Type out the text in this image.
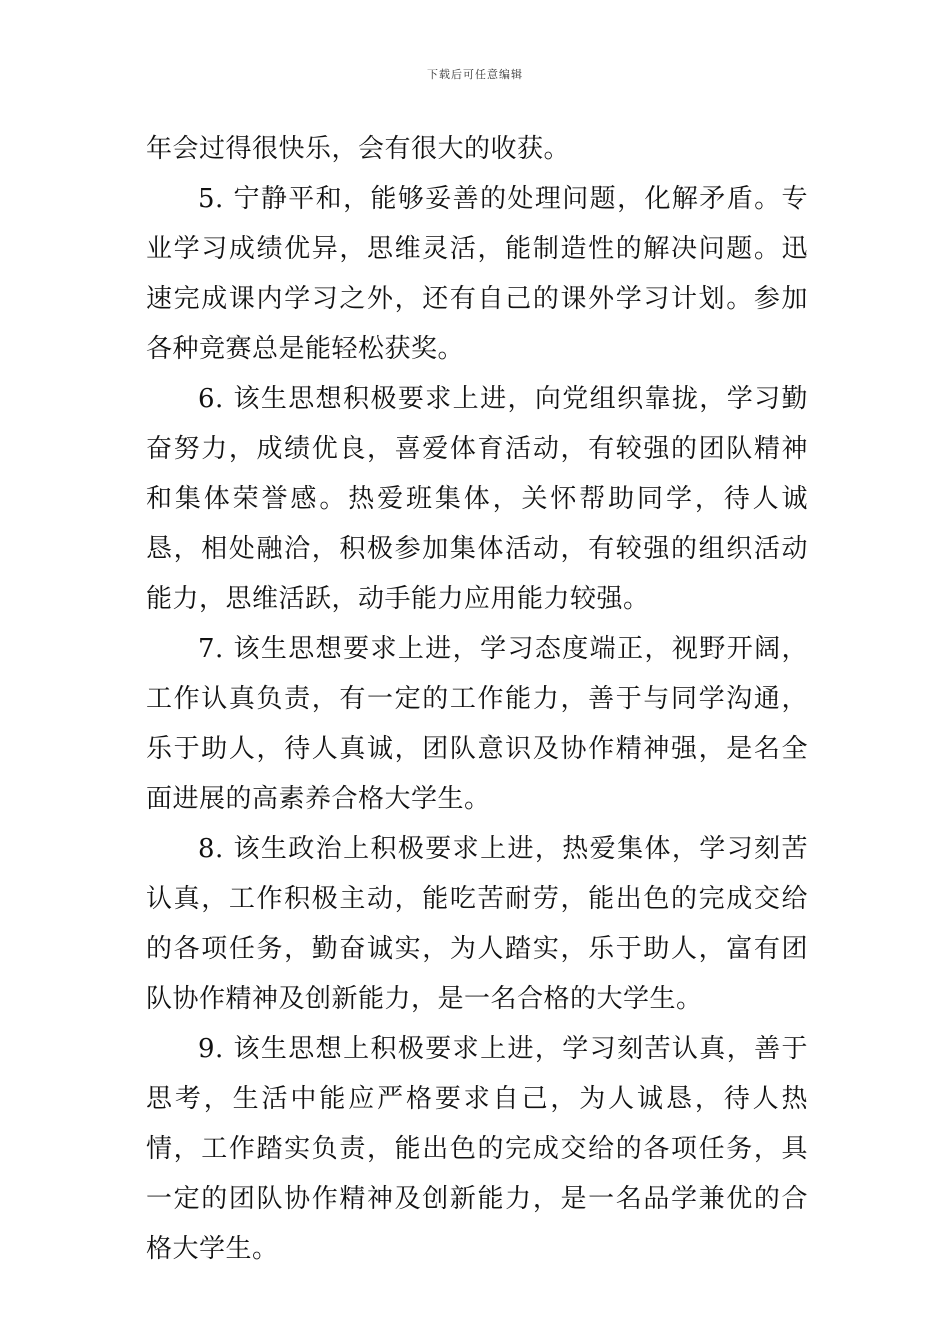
下载后可任意编辑

年会过得很快乐，会有很大的收获。

5. 宁静平和，能够妥善的处理问题，化解矛盾。专业学习成绩优异，思维灵活，能制造性的解决问题。迅速完成课内学习之外，还有自己的课外学习计划。参加各种竞赛总是能轻松获奖。

6. 该生思想积极要求上进，向党组织靠拢，学习勤奋努力，成绩优良，喜爱体育活动，有较强的团队精神和集体荣誉感。热爱班集体，关怀帮助同学，待人诚恳，相处融洽，积极参加集体活动，有较强的组织活动能力，思维活跃，动手能力应用能力较强。

7. 该生思想要求上进，学习态度端正，视野开阔，工作认真负责，有一定的工作能力，善于与同学沟通，乐于助人，待人真诚，团队意识及协作精神强，是名全面进展的高素养合格大学生。

8. 该生政治上积极要求上进，热爱集体，学习刻苦认真，工作积极主动，能吃苦耐劳，能出色的完成交给的各项任务，勤奋诚实，为人踏实，乐于助人，富有团队协作精神及创新能力，是一名合格的大学生。

9. 该生思想上积极要求上进，学习刻苦认真，善于思考，生活中能应严格要求自己，为人诚恳，待人热情，工作踏实负责，能出色的完成交给的各项任务，具一定的团队协作精神及创新能力，是一名品学兼优的合格大学生。
